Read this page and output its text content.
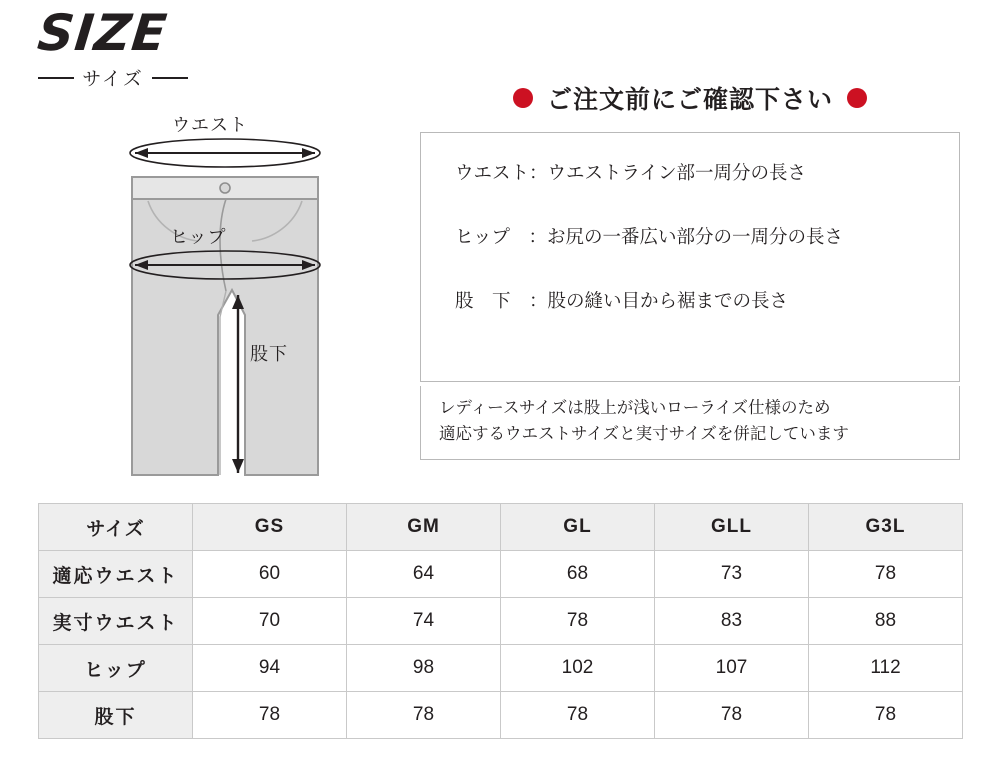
SIZE
サイズ
ウエスト
ヒップ
股下
ご注文前にご確認下さい

ウエスト：ウエストライン部一周分の長さ

ヒップ　：お尻の一番広い部分の一周分の長さ

股　下　：股の縫い目から裾までの長さ

レディースサイズは股上が浅いローライズ仕様のため
適応するウエストサイズと実寸サイズを併記しています
サイズ	GS	GM	GL	GLL	G3L
適応ウエスト	60	64	68	73	78
実寸ウエスト	70	74	78	83	88
ヒップ	94	98	102	107	112
股下	78	78	78	78	78
